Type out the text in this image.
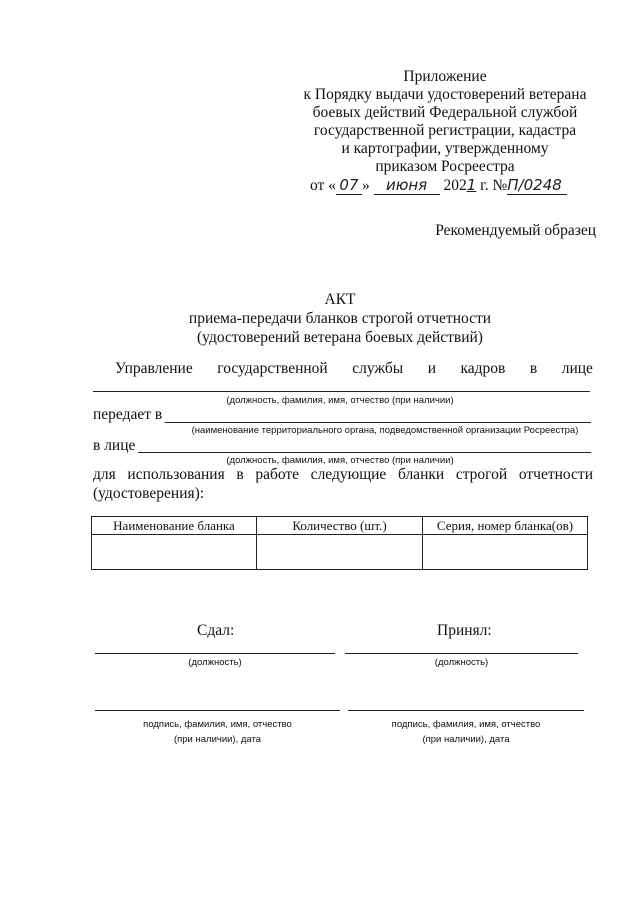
Приложение
к Порядку выдачи удостоверений ветерана
боевых действий Федеральной службой
государственной регистрации, кадастра
и картографии, утвержденному
приказом Росреестра
от « 07 » июня 2021 г. №П/0248
Рекомендуемый образец
АКТ
приема-передачи бланков строгой отчетности
(удостоверений ветерана боевых действий)
Управление государственной службы и кадров в лице
(должность, фамилия, имя, отчество (при наличии)
передает в
(наименование территориального органа, подведомственной организации Росреестра)
в лице
(должность, фамилия, имя, отчество (при наличии)
для использования в работе следующие бланки строгой отчетности
(удостоверения):
Наименование бланка	Количество (шт.)	Серия, номер бланка(ов)

Сдал:	Принял:
(должность)	(должность)
подпись, фамилия, имя, отчество
(при наличии), дата
подпись, фамилия, имя, отчество
(при наличии), дата
